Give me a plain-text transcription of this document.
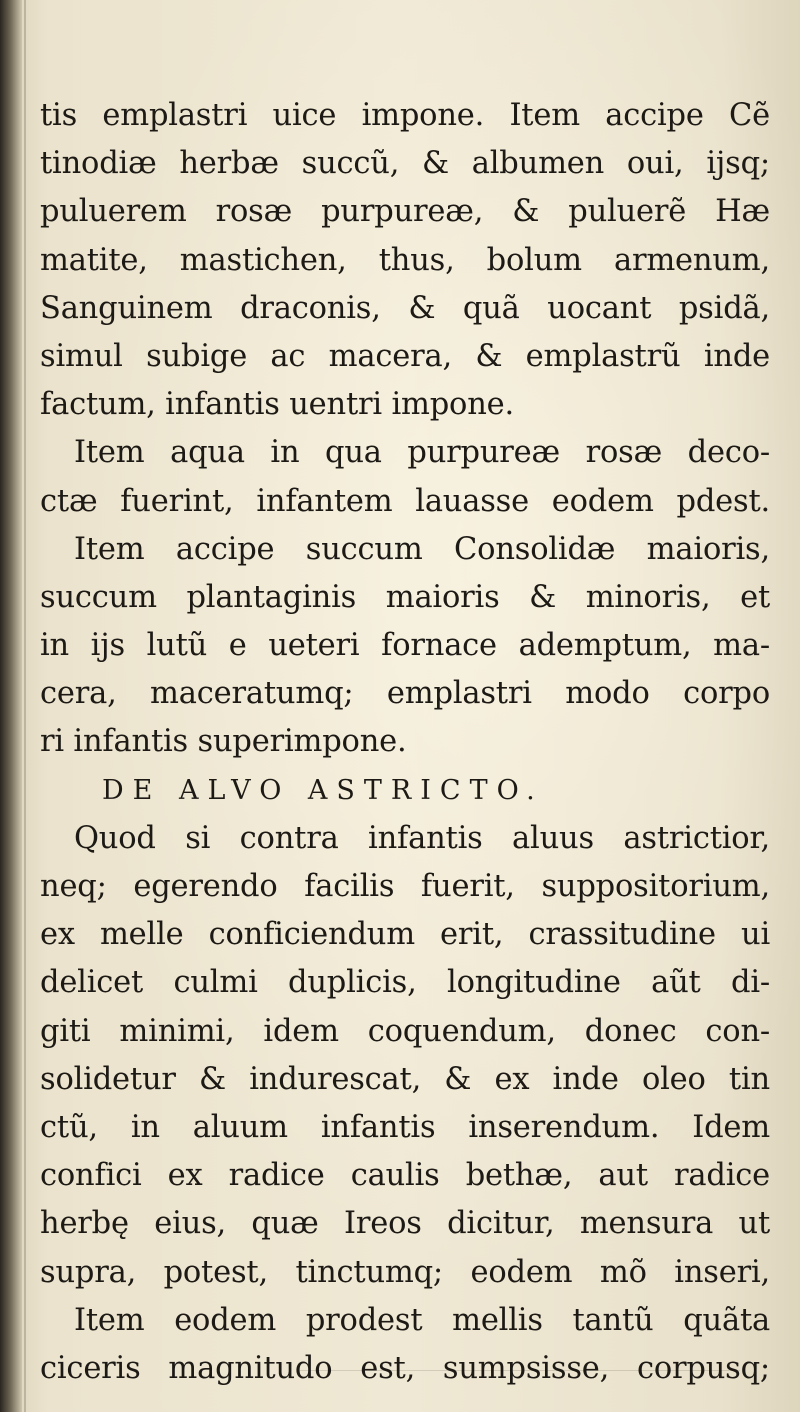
tis emplastri uice impone. Item accipe Cẽ
tinodiæ herbæ succũ, & albumen oui, ijsq;
puluerem rosæ purpureæ, & puluerẽ Hæ
matite, mastichen, thus, bolum armenum,
Sanguinem draconis, & quã uocant psidã,
simul subige ac macera, & emplastrũ inde
factum, infantis uentri impone.
Item aqua in qua purpureæ rosæ deco-
ctæ fuerint, infantem lauasse eodem pdest.
Item accipe succum Consolidæ maioris,
succum plantaginis maioris & minoris, et
in ijs lutũ e ueteri fornace ademptum, ma-
cera, maceratumq; emplastri modo corpo
ri infantis superimpone.
DE ALVO ASTRICTO.
Quod si contra infantis aluus astrictior,
neq; egerendo facilis fuerit, suppositorium,
ex melle conficiendum erit, crassitudine ui
delicet culmi duplicis, longitudine aũt di-
giti minimi, idem coquendum, donec con-
solidetur & indurescat, & ex inde oleo tin
ctũ, in aluum infantis inserendum. Idem
confici ex radice caulis bethæ, aut radice
herbę eius, quæ Ireos dicitur, mensura ut
supra, potest, tinctumq; eodem mõ inseri,
Item eodem prodest mellis tantũ quãta
ciceris magnitudo est, sumpsisse, corpusq;
